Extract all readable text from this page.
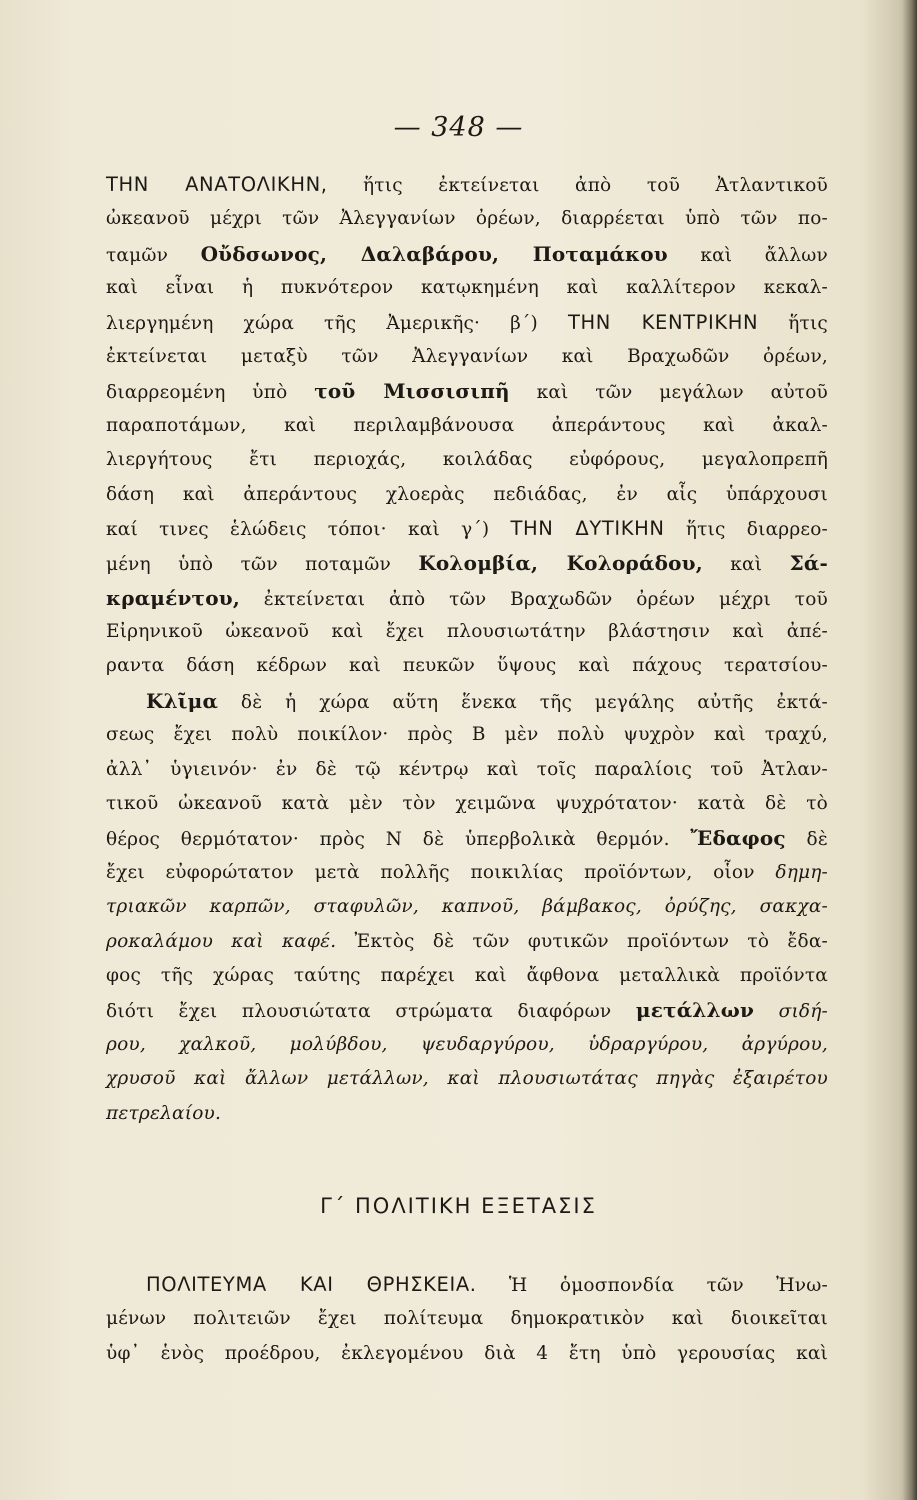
— 348 —
ΤΗΝ ΑΝΑΤΟΛΙΚΗΝ, ἥτις ἐκτείνεται ἀπὸ τοῦ Ἀτλαντικοῦ
ὠκεανοῦ μέχρι τῶν Ἀλεγγανίων ὀρέων, διαρρέεται ὑπὸ τῶν πο-
ταμῶν Οὔδσωνος, Δαλαβάρου, Ποταμάκου καὶ ἄλλων
καὶ εἶναι ἡ πυκνότερον κατῳκημένη καὶ καλλίτερον κεκαλ-
λιεργημένη χώρα τῆς Ἀμερικῆς· β΄) ΤΗΝ ΚΕΝΤΡΙΚΗΝ ἥτις
ἐκτείνεται μεταξὺ τῶν Ἀλεγγανίων καὶ Βραχωδῶν ὀρέων,
διαρρεομένη ὑπὸ τοῦ Μισσισιπῆ καὶ τῶν μεγάλων αὐτοῦ
παραποτάμων, καὶ περιλαμβάνουσα ἀπεράντους καὶ ἀκαλ-
λιεργήτους ἔτι περιοχάς, κοιλάδας εὐφόρους, μεγαλοπρεπῆ
δάση καὶ ἀπεράντους χλοερὰς πεδιάδας, ἐν αἷς ὑπάρχουσι
καί τινες ἑλώδεις τόποι· καὶ γ΄) ΤΗΝ ΔΥΤΙΚΗΝ ἥτις διαρρεο-
μένη ὑπὸ τῶν ποταμῶν Κολομβία, Κολοράδου, καὶ Σά-
κραμέντου, ἐκτείνεται ἀπὸ τῶν Βραχωδῶν ὀρέων μέχρι τοῦ
Εἰρηνικοῦ ὠκεανοῦ καὶ ἔχει πλουσιωτάτην βλάστησιν καὶ ἀπέ-
ραντα δάση κέδρων καὶ πευκῶν ὕψους καὶ πάχους τερατσίου-
Κλῖμα δὲ ἡ χώρα αὕτη ἕνεκα τῆς μεγάλης αὐτῆς ἐκτά-
σεως ἔχει πολὺ ποικίλον· πρὸς Β μὲν πολὺ ψυχρὸν καὶ τραχύ,
ἀλλ᾽ ὑγιεινόν· ἐν δὲ τῷ κέντρῳ καὶ τοῖς παραλίοις τοῦ Ἀτλαν-
τικοῦ ὠκεανοῦ κατὰ μὲν τὸν χειμῶνα ψυχρότατον· κατὰ δὲ τὸ
θέρος θερμότατον· πρὸς Ν δὲ ὑπερβολικὰ θερμόν. Ἔδαφος δὲ
ἔχει εὐφορώτατον μετὰ πολλῆς ποικιλίας προϊόντων, οἷον δημη-
τριακῶν καρπῶν, σταφυλῶν, καπνοῦ, βάμβακος, ὀρύζης, σακχα-
ροκαλάμου καὶ καφέ. Ἐκτὸς δὲ τῶν φυτικῶν προϊόντων τὸ ἔδα-
φος τῆς χώρας ταύτης παρέχει καὶ ἄφθονα μεταλλικὰ προϊόντα
διότι ἔχει πλουσιώτατα στρώματα διαφόρων μετάλλων σιδή-
ρου, χαλκοῦ, μολύβδου, ψευδαργύρου, ὑδραργύρου, ἀργύρου,
χρυσοῦ καὶ ἄλλων μετάλλων, καὶ πλουσιωτάτας πηγὰς ἐξαιρέτου
πετρελαίου.
Γ΄ ΠΟΛΙΤΙΚΗ ΕΞΕΤΑΣΙΣ
ΠΟΛΙΤΕΥΜΑ ΚΑΙ ΘΡΗΣΚΕΙΑ. Ἡ ὁμοσπονδία τῶν Ἠνω-
μένων πολιτειῶν ἔχει πολίτευμα δημοκρατικὸν καὶ διοικεῖται
ὑφ᾽ ἑνὸς προέδρου, ἐκλεγομένου διὰ 4 ἔτη ὑπὸ γερουσίας καὶ
